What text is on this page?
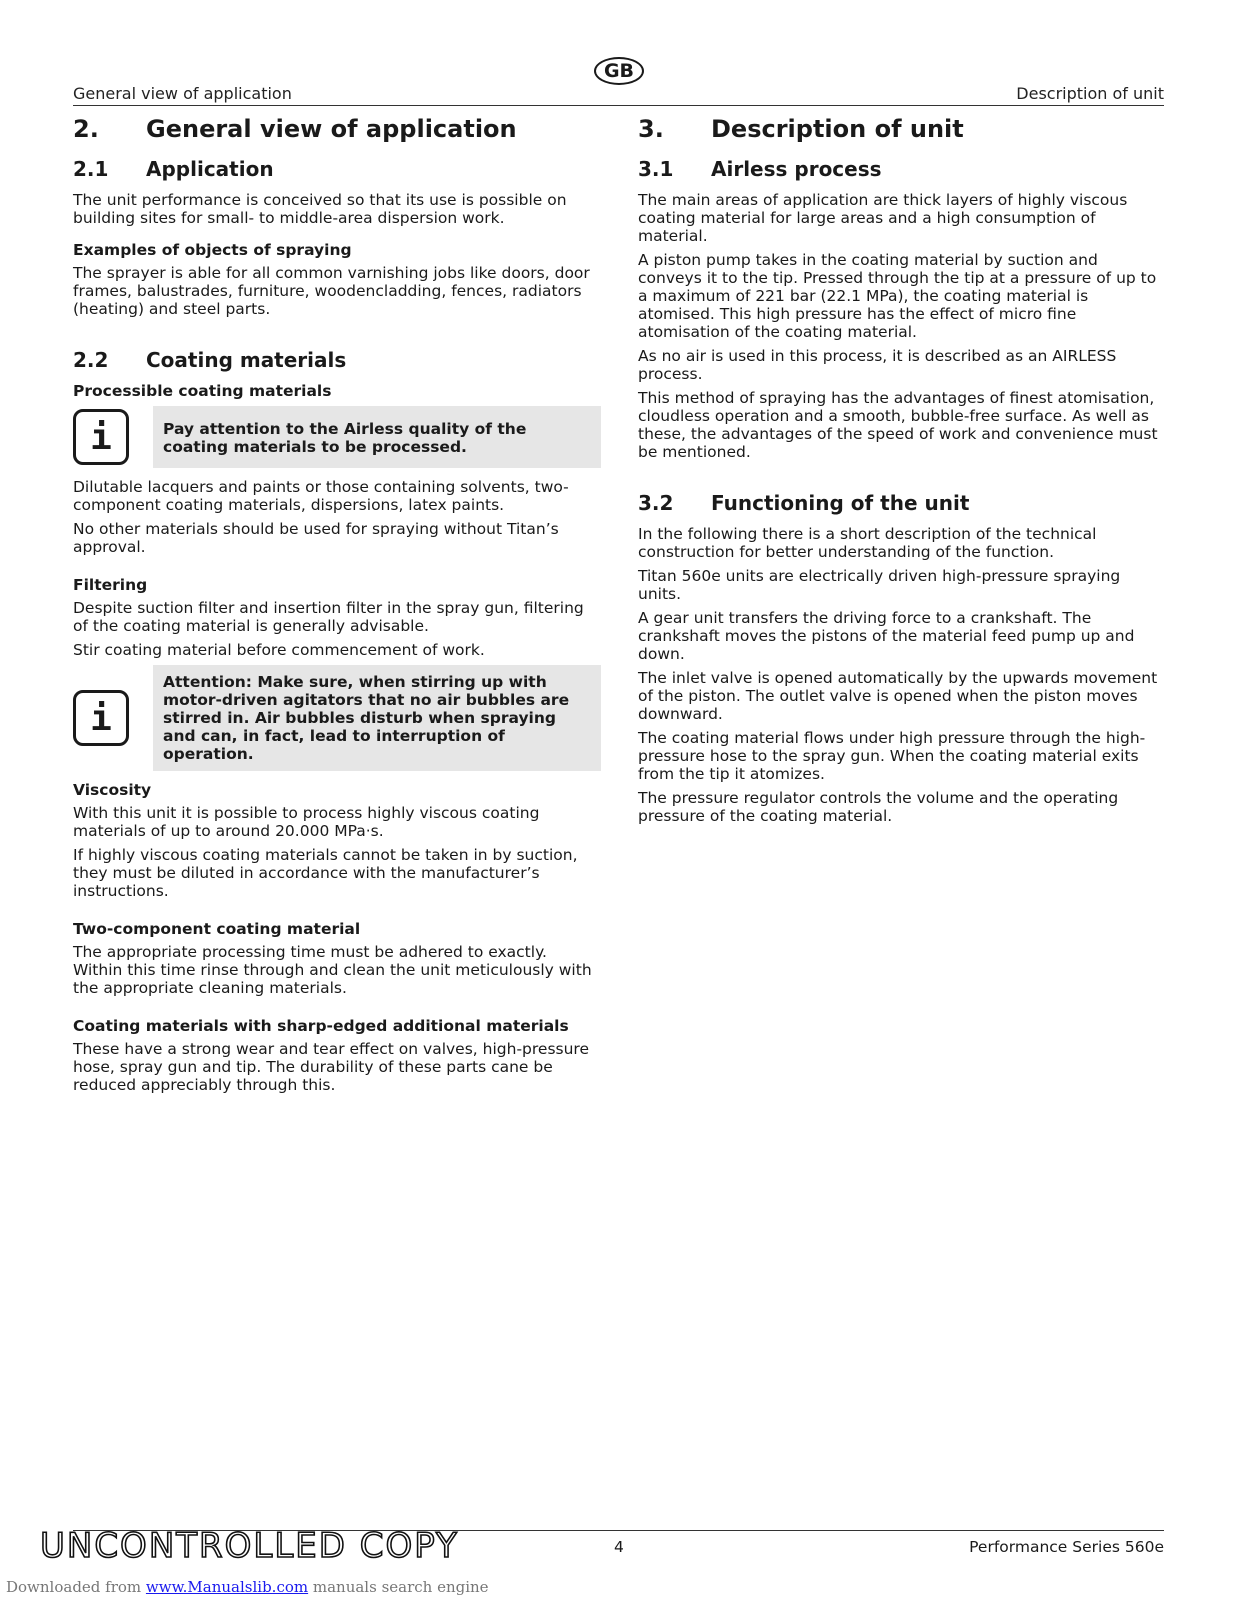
GB
General view of application	Description of unit
2.	General view of application
2.1	Application

The unit performance is conceived so that its use is possible on building sites for small- to middle-area dispersion work.

Examples of objects of spraying

The sprayer is able for all common varnishing jobs like doors, door frames, balustrades, furniture, woodencladding, fences, radiators (heating) and steel parts.

2.2	Coating materials
Processible coating materials
i	Pay attention to the Airless quality of the coating materials to be processed.

Dilutable lacquers and paints or those containing solvents, two-component coating materials, dispersions, latex paints.

No other materials should be used for spraying without Titan’s approval.

Filtering

Despite suction filter and insertion filter in the spray gun, filtering of the coating material is generally advisable.

Stir coating material before commencement of work.

i
Attention: Make sure, when stirring up with motor-driven agitators that no air bubbles are stirred in. Air bubbles disturb when spraying and can, in fact, lead to interruption of operation.
Viscosity

With this unit it is possible to process highly viscous coating materials of up to around 20.000 MPa·s.

If highly viscous coating materials cannot be taken in by suction, they must be diluted in accordance with the manufacturer’s instructions.

Two-component coating material

The appropriate processing time must be adhered to exactly. Within this time rinse through and clean the unit meticulously with the appropriate cleaning materials.

Coating materials with sharp-edged additional materials

These have a strong wear and tear effect on valves, high-pressure hose, spray gun and tip. The durability of these parts cane be reduced appreciably through this.

3.	Description of unit
3.1	Airless process

The main areas of application are thick layers of highly viscous coating material for large areas and a high consumption of material.

A piston pump takes in the coating material by suction and conveys it to the tip. Pressed through the tip at a pressure of up to a maximum of 221 bar (22.1 MPa), the coating material is atomised. This high pressure has the effect of micro fine atomisation of the coating material.

As no air is used in this process, it is described as an AIRLESS process.

This method of spraying has the advantages of finest atomisation, cloudless operation and a smooth, bubble-free surface. As well as these, the advantages of the speed of work and convenience must be mentioned.

3.2	Functioning of the unit

In the following there is a short description of the technical construction for better understanding of the function.

Titan 560e units are electrically driven high-pressure spraying units.

A gear unit transfers the driving force to a crankshaft. The crankshaft moves the pistons of the material feed pump up and down.

The inlet valve is opened automatically by the upwards movement of the piston. The outlet valve is opened when the piston moves downward.

The coating material flows under high pressure through the high-pressure hose to the spray gun. When the coating material exits from the tip it atomizes.

The pressure regulator controls the volume and the operating pressure of the coating material.

UNCONTROLLED COPY	4	Performance Series 560e
Downloaded from www.Manualslib.com manuals search engine
